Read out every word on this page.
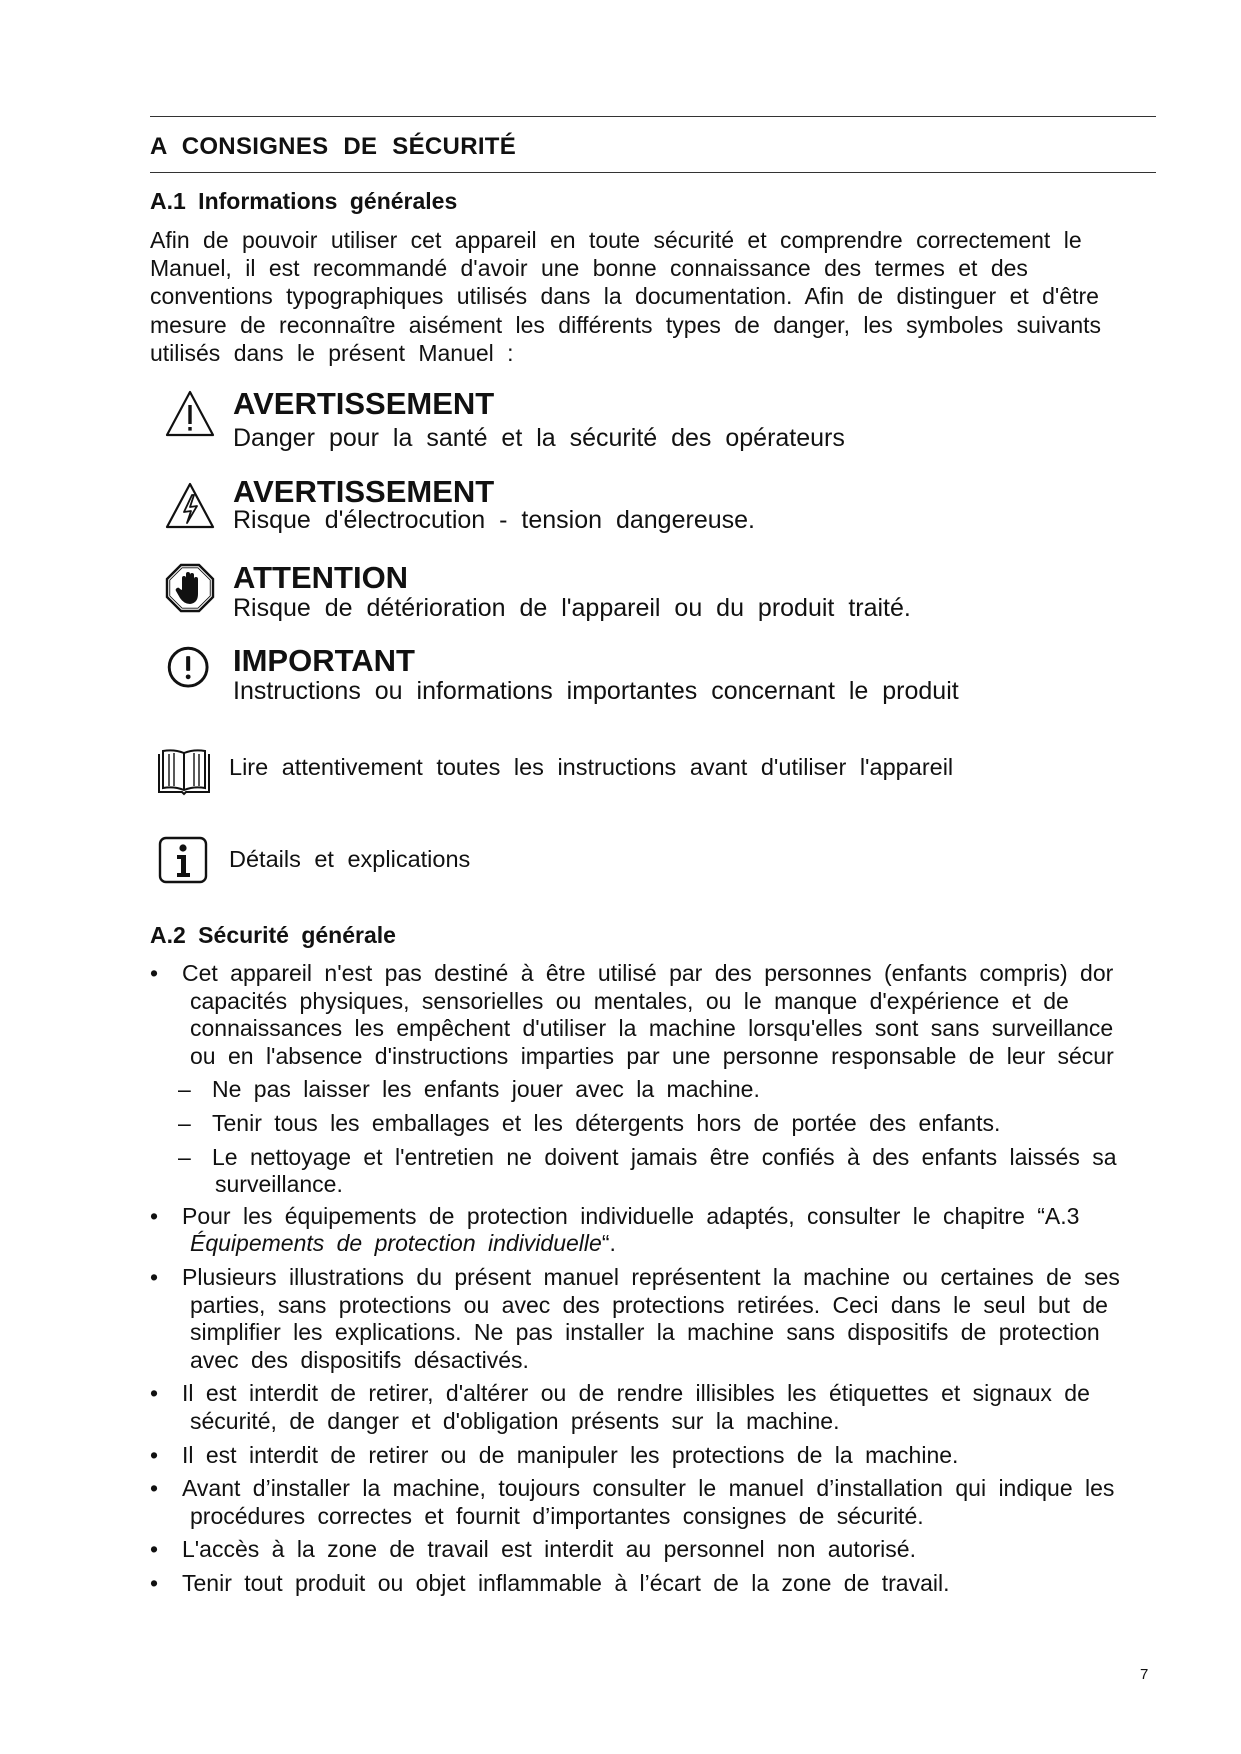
A CONSIGNES DE SÉCURITÉ
A.1 Informations générales
Afin de pouvoir utiliser cet appareil en toute sécurité et comprendre correctement le
Manuel, il est recommandé d'avoir une bonne connaissance des termes et des
conventions typographiques utilisés dans la documentation. Afin de distinguer et d'être
mesure de reconnaître aisément les différents types de danger, les symboles suivants
utilisés dans le présent Manuel :
AVERTISSEMENT
Danger pour la santé et la sécurité des opérateurs
AVERTISSEMENT
Risque d'électrocution - tension dangereuse.
ATTENTION
Risque de détérioration de l'appareil ou du produit traité.
IMPORTANT
Instructions ou informations importantes concernant le produit
Lire attentivement toutes les instructions avant d'utiliser l'appareil
Détails et explications
A.2 Sécurité générale
• Cet appareil n'est pas destiné à être utilisé par des personnes (enfants compris) dor
capacités physiques, sensorielles ou mentales, ou le manque d'expérience et de
connaissances les empêchent d'utiliser la machine lorsqu'elles sont sans surveillance
ou en l'absence d'instructions imparties par une personne responsable de leur sécur
– Ne pas laisser les enfants jouer avec la machine.
– Tenir tous les emballages et les détergents hors de portée des enfants.
– Le nettoyage et l'entretien ne doivent jamais être confiés à des enfants laissés sa
surveillance.
• Pour les équipements de protection individuelle adaptés, consulter le chapitre “A.3
Équipements de protection individuelle“.
• Plusieurs illustrations du présent manuel représentent la machine ou certaines de ses
parties, sans protections ou avec des protections retirées. Ceci dans le seul but de
simplifier les explications. Ne pas installer la machine sans dispositifs de protection
avec des dispositifs désactivés.
• Il est interdit de retirer, d'altérer ou de rendre illisibles les étiquettes et signaux de
sécurité, de danger et d'obligation présents sur la machine.
• Il est interdit de retirer ou de manipuler les protections de la machine.
• Avant d’installer la machine, toujours consulter le manuel d’installation qui indique les
procédures correctes et fournit d’importantes consignes de sécurité.
• L'accès à la zone de travail est interdit au personnel non autorisé.
• Tenir tout produit ou objet inflammable à l’écart de la zone de travail.
7
